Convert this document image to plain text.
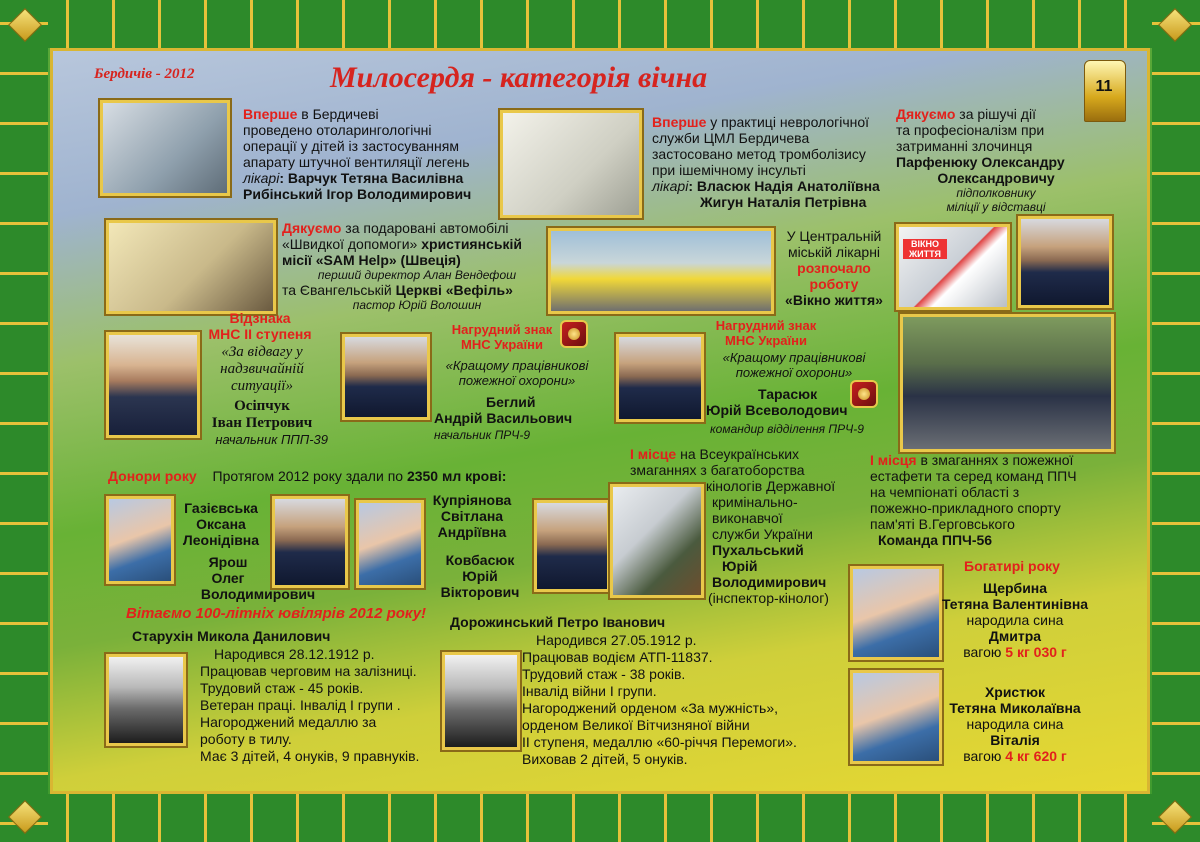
Бердичів - 2012	Милосердя - категорія вічна	11
Вперше в Бердичеві
проведено отоларингологічні
операції у дітей із застосуванням
апарату штучної вентиляції легень
лікарі: Варчук Тетяна Василівна
Рибінський Ігор Володимирович
Вперше у практиці неврологічної
служби ЦМЛ Бердичева
застосовано метод тромболізису
при ішемічному інсульті
лікарі: Власюк Надія Анатоліївна
Жигун Наталія Петрівна
Дякуємо за рішучі дії
та професіоналізм при
затриманні злочинця
Парфенюку Олександру
Олександровичу
підполковнику
міліції у відставці
Дякуємо за подаровані автомобілі
«Швидкої допомоги» християнській
місії «SAM Help» (Швеція)
перший директор Алан Вендефош
та Євангельській Церкві «Вефіль»
пастор Юрій Волошин
У Центральній
міській лікарні
розпочало
роботу
«Вікно життя»
ВІКНО ЖИТТЯ
Відзнака
МНС ІІ ступеня
«За відвагу у
надзвичайній
ситуації»
Осіпчук
Іван Петрович
начальник ППП-39
Нагрудний знак
МНС України
«Кращому працівникові
пожежної охорони»
Беглий
Андрій Васильович
начальник ПРЧ-9
Нагрудний знак
МНС України
«Кращому працівникові
пожежної охорони»
Тарасюк
Юрій Всеволодович
командир відділення ПРЧ-9
Донори року Протягом 2012 року здали по 2350 мл крові:
Газієвська
Оксана
Леонідівна
Ярош
Олег
Володимирович
Купріянова
Світлана
Андріївна
Ковбасюк
Юрій
Вікторович
І місце на Всеукраїнських
змаганнях з багатоборства
кінологів Державної
кримінально-
виконавчої
служби України
Пухальський
Юрій
Володимирович
(інспектор-кінолог)
І місця в змаганнях з пожежної
естафети та серед команд ППЧ
на чемпіонаті області з
пожежно-прикладного спорту
пам'яті В.Герговського
Команда ППЧ-56
Вітаємо 100-літніх ювілярів 2012 року!
Старухін Микола Данилович
Народився 28.12.1912 р.
Працював черговим на залізниці.
Трудовий стаж - 45 років.
Ветеран праці. Інвалід І групи .
Нагороджений медаллю за
роботу в тилу.
Має 3 дітей, 4 онуків, 9 правнуків.
Дорожинський Петро Іванович
Народився 27.05.1912 р.
Працював водієм АТП-11837.
Трудовий стаж - 38 років.
Інвалід війни І групи.
Нагороджений орденом «За мужність»,
орденом Великої Вітчизняної війни
ІІ ступеня, медаллю «60-річчя Перемоги».
Виховав 2 дітей, 5 онуків.
Богатирі року
Щербина
Тетяна Валентинівна
народила сина
Дмитра
вагою 5 кг 030 г
Христюк
Тетяна Миколаївна
народила сина
Віталія
вагою 4 кг 620 г
